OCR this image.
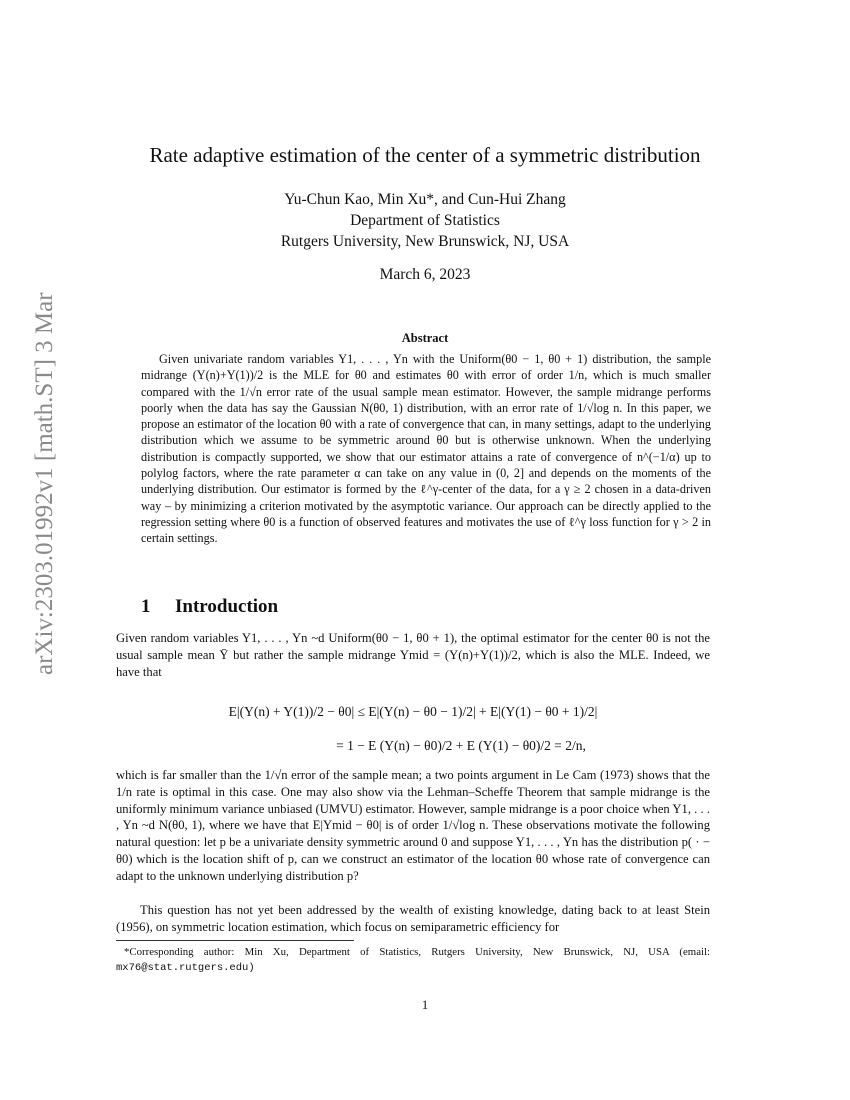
arXiv:2303.01992v1 [math.ST] 3 Mar 2023
Rate adaptive estimation of the center of a symmetric distribution
Yu-Chun Kao, Min Xu*, and Cun-Hui Zhang
Department of Statistics
Rutgers University, New Brunswick, NJ, USA
March 6, 2023
Abstract

Given univariate random variables Y1, . . . , Yn with the Uniform(θ0 − 1, θ0 + 1) distribution, the sample midrange (Y(n)+Y(1))/2 is the MLE for θ0 and estimates θ0 with error of order 1/n, which is much smaller compared with the 1/√n error rate of the usual sample mean estimator. However, the sample midrange performs poorly when the data has say the Gaussian N(θ0, 1) distribution, with an error rate of 1/√log n. In this paper, we propose an estimator of the location θ0 with a rate of convergence that can, in many settings, adapt to the underlying distribution which we assume to be symmetric around θ0 but is otherwise unknown. When the underlying distribution is compactly supported, we show that our estimator attains a rate of convergence of n^(−1/α) up to polylog factors, where the rate parameter α can take on any value in (0, 2] and depends on the moments of the underlying distribution. Our estimator is formed by the ℓ^γ-center of the data, for a γ ≥ 2 chosen in a data-driven way – by minimizing a criterion motivated by the asymptotic variance. Our approach can be directly applied to the regression setting where θ0 is a function of observed features and motivates the use of ℓ^γ loss function for γ > 2 in certain settings.

1 Introduction

Given random variables Y1, . . . , Yn ~d Uniform(θ0 − 1, θ0 + 1), the optimal estimator for the center θ0 is not the usual sample mean Ȳ but rather the sample midrange Ymid = (Y(n)+Y(1))/2, which is also the MLE. Indeed, we have that

E|(Y(n) + Y(1))/2 − θ0| ≤ E|(Y(n) − θ0 − 1)/2| + E|(Y(1) − θ0 + 1)/2|
= 1 − E (Y(n) − θ0)/2 + E (Y(1) − θ0)/2 = 2/n,

which is far smaller than the 1/√n error of the sample mean; a two points argument in Le Cam (1973) shows that the 1/n rate is optimal in this case. One may also show via the Lehman–Scheffe Theorem that sample midrange is the uniformly minimum variance unbiased (UMVU) estimator. However, sample midrange is a poor choice when Y1, . . . , Yn ~d N(θ0, 1), where we have that E|Ymid − θ0| is of order 1/√log n. These observations motivate the following natural question: let p be a univariate density symmetric around 0 and suppose Y1, . . . , Yn has the distribution p( · − θ0) which is the location shift of p, can we construct an estimator of the location θ0 whose rate of convergence can adapt to the unknown underlying distribution p?

This question has not yet been addressed by the wealth of existing knowledge, dating back to at least Stein (1956), on symmetric location estimation, which focus on semiparametric efficiency for

*Corresponding author: Min Xu, Department of Statistics, Rutgers University, New Brunswick, NJ, USA (email: mx76@stat.rutgers.edu)

1
